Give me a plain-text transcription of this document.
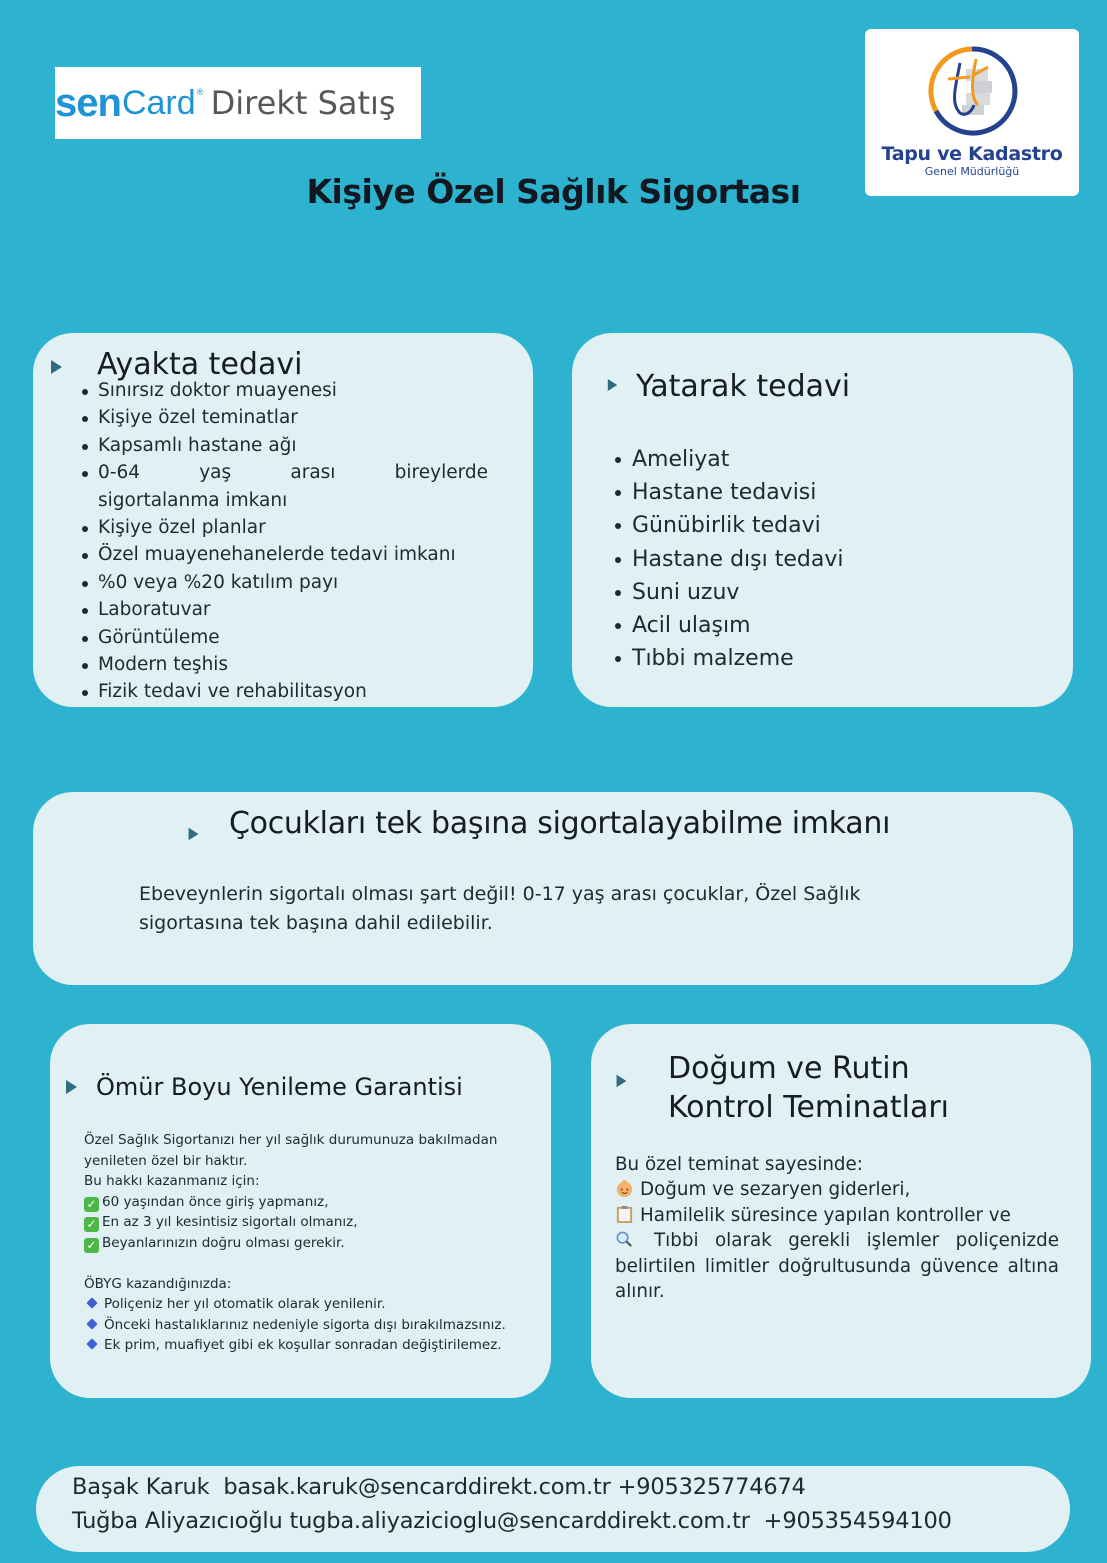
sen Card ® Direkt Satış
Tapu ve Kadastro
Genel Müdürlüğü
Kişiye Özel Sağlık Sigortası
Ayakta tedavi
Sınırsız doktor muayenesi
Kişiye özel teminatlar
Kapsamlı hastane ağı
0-64	yaş	arası	bireylerde
sigortalanma imkanı
Kişiye özel planlar
Özel muayenehanelerde tedavi imkanı
%0 veya %20 katılım payı
Laboratuvar
Görüntüleme
Modern teşhis
Fizik tedavi ve rehabilitasyon
Yatarak tedavi
Ameliyat
Hastane tedavisi
Günübirlik tedavi
Hastane dışı tedavi
Suni uzuv
Acil ulaşım
Tıbbi malzeme
Çocukları tek başına sigortalayabilme imkanı

Ebeveynlerin sigortalı olması şart değil! 0-17 yaş arası çocuklar, Özel Sağlık sigortasına tek başına dahil edilebilir.

Ömür Boyu Yenileme Garantisi
Özel Sağlık Sigortanızı her yıl sağlık durumunuza bakılmadan
yenileten özel bir haktır.
Bu hakkı kazanmanız için:
✓ 60 yaşından önce giriş yapmanız,
✓ En az 3 yıl kesintisiz sigortalı olmanız,
✓ Beyanlarınızın doğru olması gerekir.
ÖBYG kazandığınızda:
Poliçeniz her yıl otomatik olarak yenilenir.
Önceki hastalıklarınız nedeniyle sigorta dışı bırakılmazsınız.
Ek prim, muafiyet gibi ek koşullar sonradan değiştirilemez.
Doğum ve Rutin
Kontrol Teminatları
Bu özel teminat sayesinde:
Doğum ve sezaryen giderleri,
Hamilelik süresince yapılan kontroller ve
Tıbbi olarak gerekli işlemler poliçenizde belirtilen limitler doğrultusunda güvence altına alınır.
Başak Karuk basak.karuk@sencarddirekt.com.tr +905325774674
Tuğba Aliyazıcıoğlu tugba.aliyazicioglu@sencarddirekt.com.tr +905354594100
